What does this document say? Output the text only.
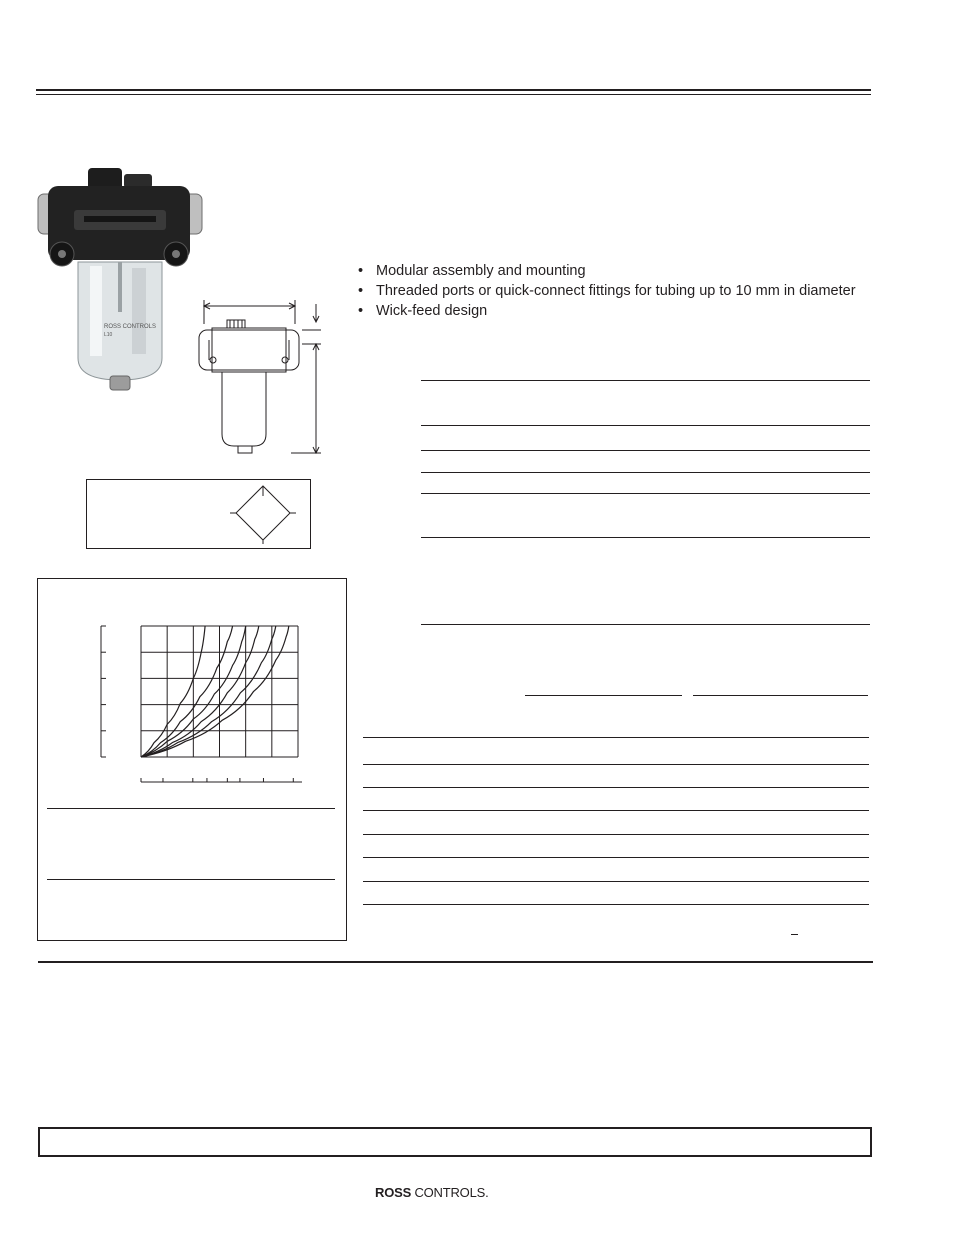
ROSS CONTROLS
L10
• Modular assembly and mounting
• Threaded ports or quick-connect fittings for tubing up to 10 mm in diameter
• Wick-feed design
ROSS CONTROLS.
